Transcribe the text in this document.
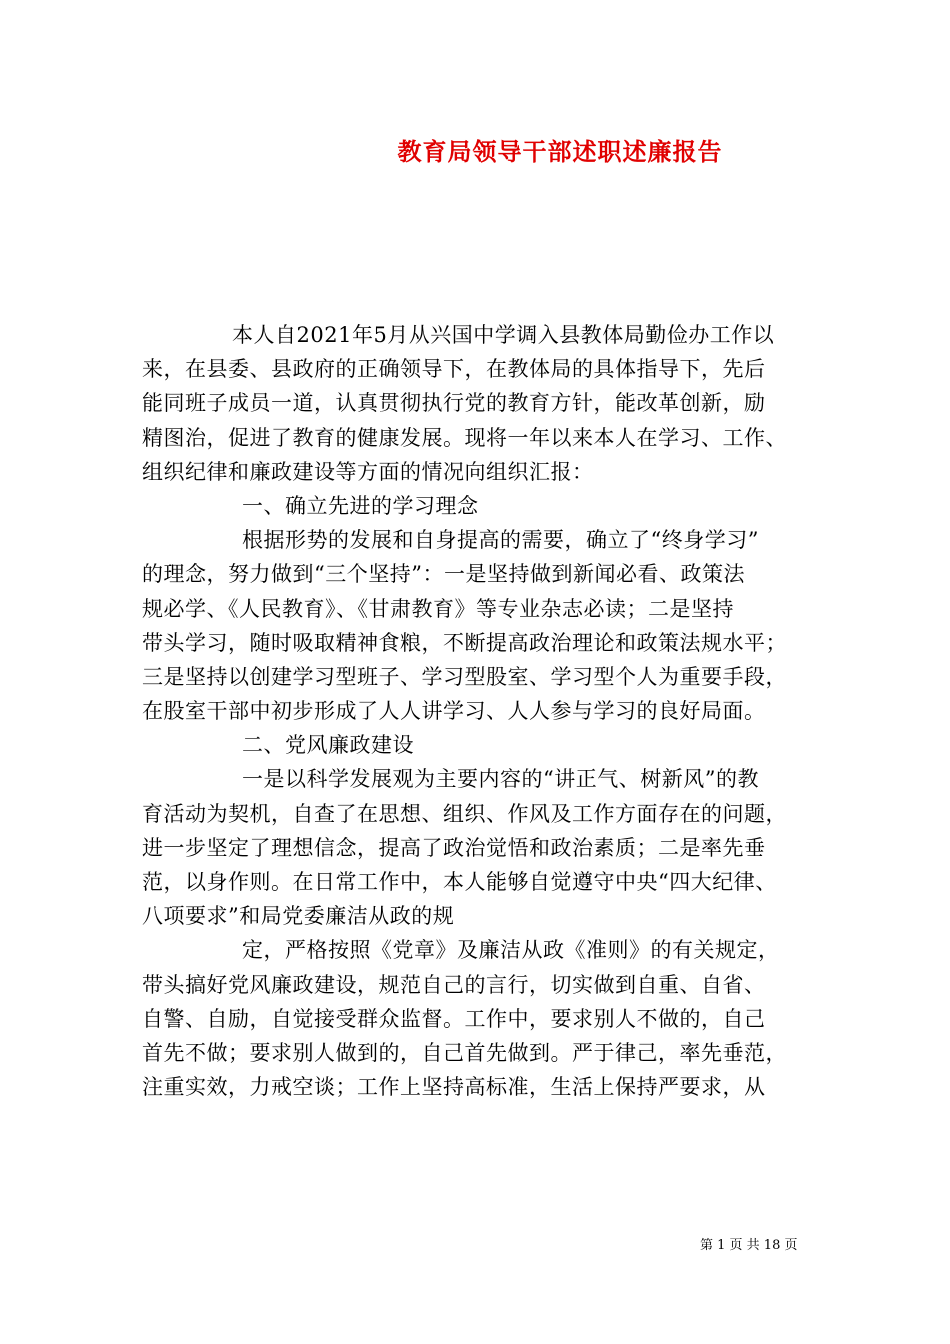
教育局领导干部述职述廉报告
本人自2021年5月从兴国中学调入县教体局勤俭办工作以
来，在县委、县政府的正确领导下，在教体局的具体指导下，先后
能同班子成员一道，认真贯彻执行党的教育方针，能改革创新，励
精图治，促进了教育的健康发展。现将一年以来本人在学习、工作、
组织纪律和廉政建设等方面的情况向组织汇报：
一、确立先进的学习理念
根据形势的发展和自身提高的需要，确立了“终身学习”
的理念，努力做到“三个坚持”：一是坚持做到新闻必看、政策法
规必学、《人民教育》、《甘肃教育》等专业杂志必读；二是坚持
带头学习，随时吸取精神食粮，不断提高政治理论和政策法规水平；
三是坚持以创建学习型班子、学习型股室、学习型个人为重要手段，
在股室干部中初步形成了人人讲学习、人人参与学习的良好局面。
二、党风廉政建设
一是以科学发展观为主要内容的“讲正气、树新风”的教
育活动为契机，自查了在思想、组织、作风及工作方面存在的问题，
进一步坚定了理想信念，提高了政治觉悟和政治素质；二是率先垂
范，以身作则。在日常工作中，本人能够自觉遵守中央“四大纪律、
八项要求”和局党委廉洁从政的规
定，严格按照《党章》及廉洁从政《准则》的有关规定，
带头搞好党风廉政建设，规范自己的言行，切实做到自重、自省、
自警、自励，自觉接受群众监督。工作中，要求别人不做的，自己
首先不做；要求别人做到的，自己首先做到。严于律己，率先垂范，
注重实效，力戒空谈；工作上坚持高标准，生活上保持严要求，从
第 1 页 共 18 页
